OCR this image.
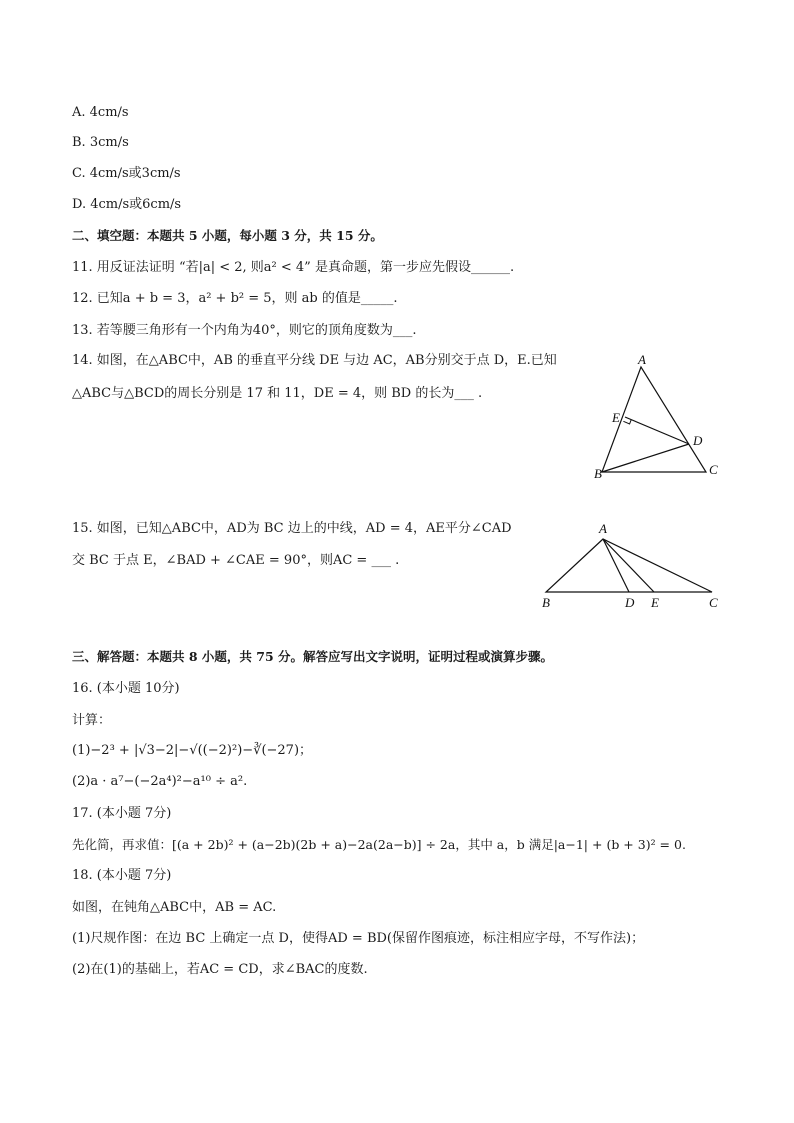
A. 4cm/s
B. 3cm/s
C. 4cm/s或3cm/s
D. 4cm/s或6cm/s
二、填空题：本题共 5 小题，每小题 3 分，共 15 分。
11. 用反证法证明 “若|a| < 2, 则a² < 4” 是真命题，第一步应先假设______.
12. 已知a + b = 3，a² + b² = 5，则 ab 的值是_____.
13. 若等腰三角形有一个内角为40°，则它的顶角度数为___.
14. 如图，在△ABC中，AB 的垂直平分线 DE 与边 AC，AB分别交于点 D，E.已知
△ABC与△BCD的周长分别是 17 和 11，DE = 4，则 BD 的长为___ .
A
E
D
B	C
15. 如图，已知△ABC中，AD为 BC 边上的中线，AD = 4，AE平分∠CAD
交 BC 于点 E，∠BAD + ∠CAE = 90°，则AC = ___ .
A
B	D E	C
三、解答题：本题共 8 小题，共 75 分。解答应写出文字说明，证明过程或演算步骤。
16. (本小题 10分)
计算：
(1)−2³ + |√3−2|−√((−2)²)−∛(−27)；
(2)a · a⁷−(−2a⁴)²−a¹⁰ ÷ a².
17. (本小题 7分)
先化简，再求值：[(a + 2b)² + (a−2b)(2b + a)−2a(2a−b)] ÷ 2a，其中 a，b 满足|a−1| + (b + 3)² = 0.
18. (本小题 7分)
如图，在钝角△ABC中，AB = AC.
(1)尺规作图：在边 BC 上确定一点 D，使得AD = BD(保留作图痕迹，标注相应字母，不写作法)；
(2)在(1)的基础上，若AC = CD，求∠BAC的度数.
